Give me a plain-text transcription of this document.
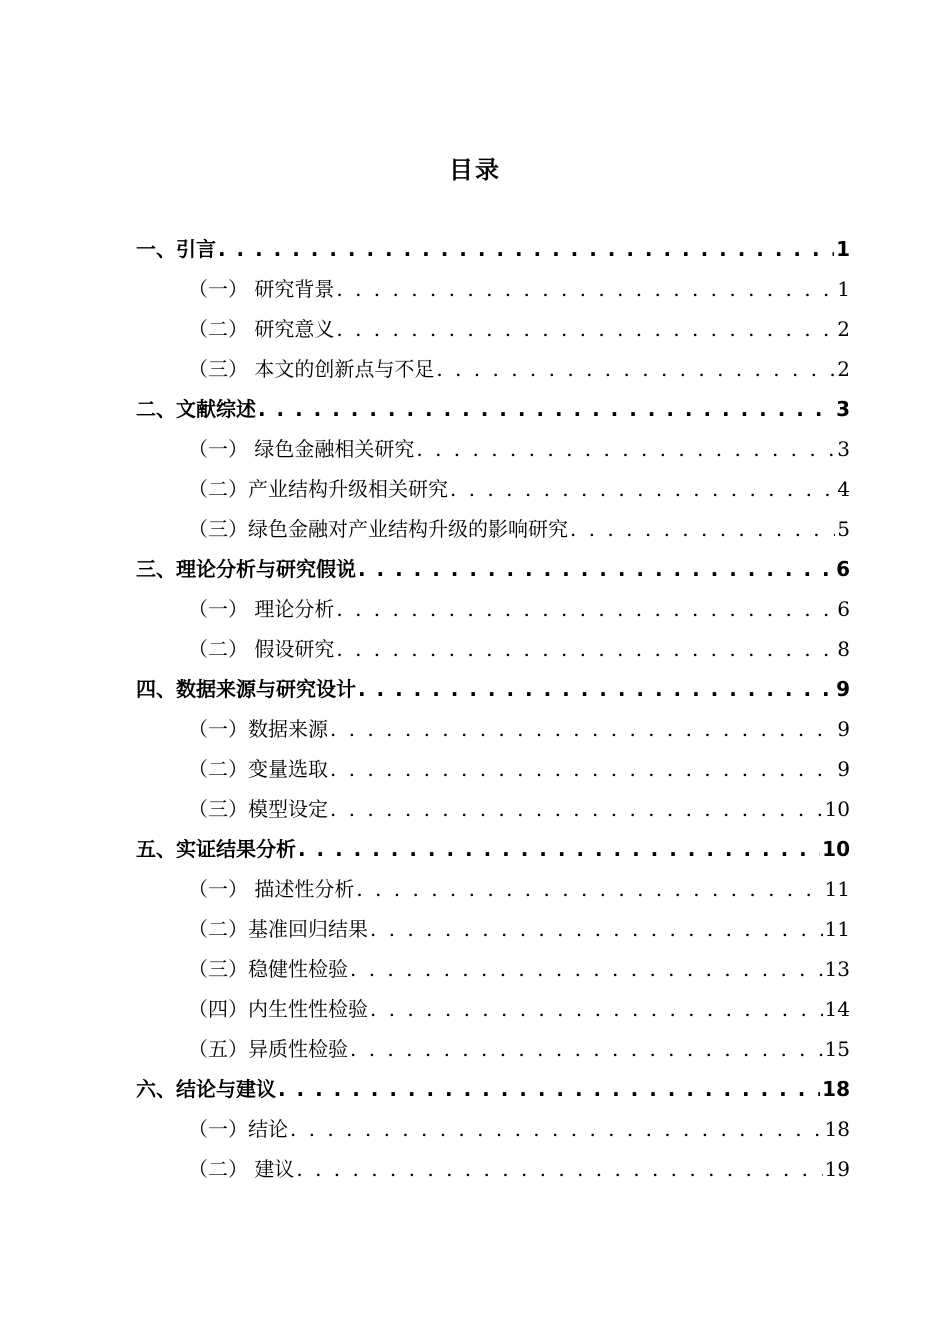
目录
一、引言 . . .	1
（一） 研究背景 . . .	1
（二） 研究意义 . . .	2
（三） 本文的创新点与不足 . . .	2
二、文献综述 . . .	3
（一） 绿色金融相关研究 . . .	3
（二）产业结构升级相关研究 . . .	4
（三）绿色金融对产业结构升级的影响研究 . . .	5
三、理论分析与研究假说 . . .	6
（一） 理论分析 . . .	6
（二） 假设研究 . . .	8
四、数据来源与研究设计 . . .	9
（一）数据来源 . . .	9
（二）变量选取 . . .	9
（三）模型设定 . . .	10
五、实证结果分析 . . .	10
（一） 描述性分析 . . .	11
（二）基准回归结果 . . .	11
（三）稳健性检验 . . .	13
（四）内生性性检验 . . .	14
（五）异质性检验 . . .	15
六、结论与建议 . . .	18
（一）结论 . . .	18
（二） 建议 . . .	19
